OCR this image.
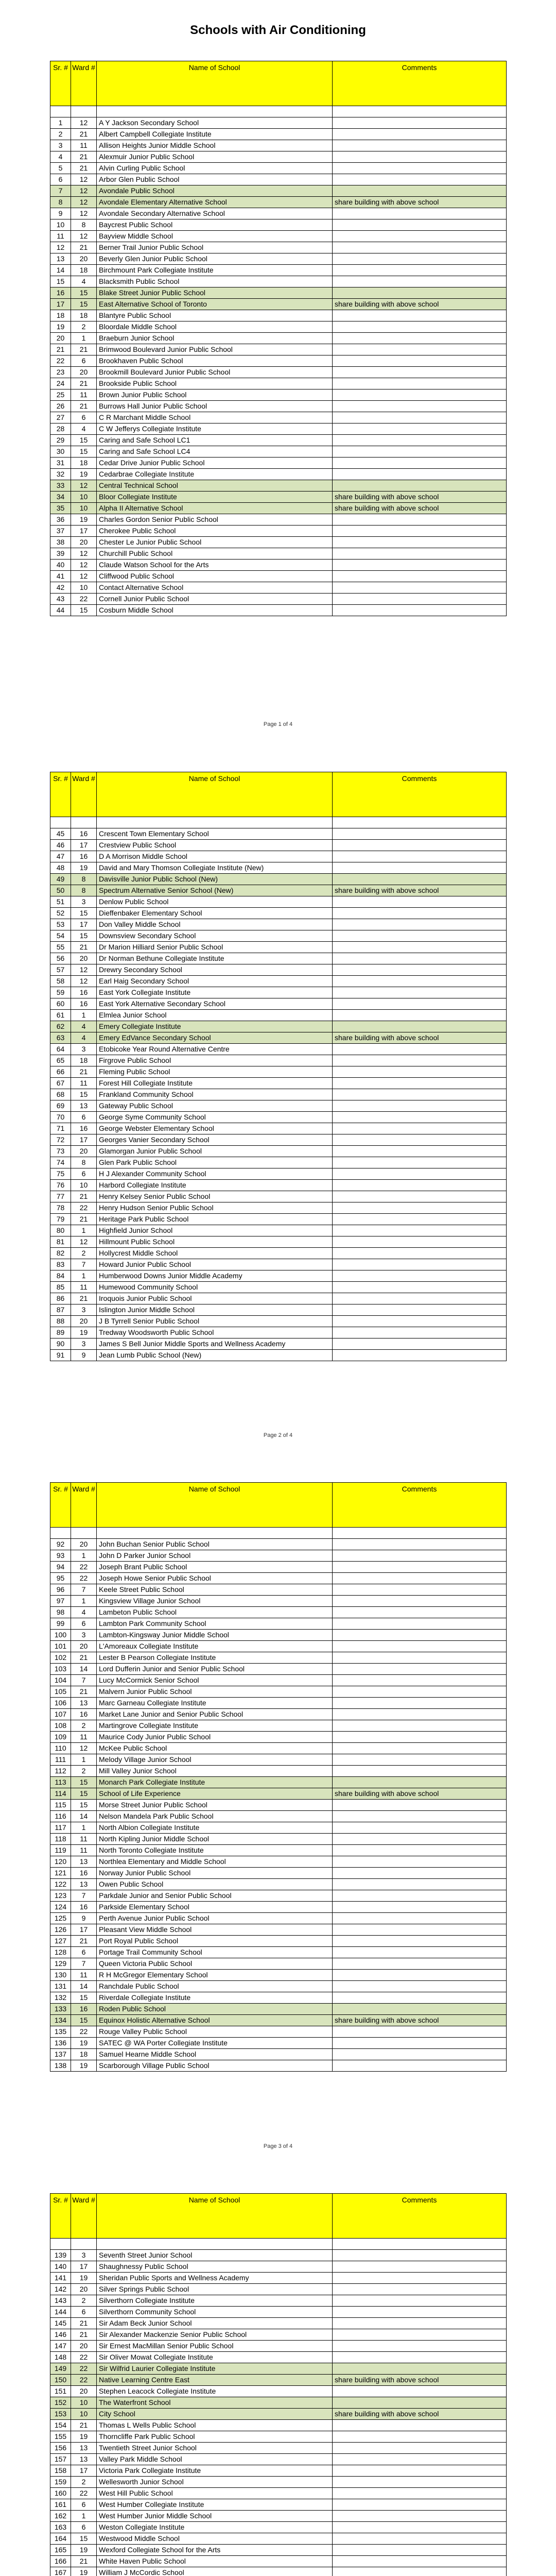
Schools with Air Conditioning
Sr. #	Ward #	Name of School	Comments

1	12	A Y Jackson Secondary School	
2	21	Albert Campbell Collegiate Institute	
3	11	Allison Heights Junior Middle School	
4	21	Alexmuir Junior Public School	
5	21	Alvin Curling Public School	
6	12	Arbor Glen Public School	
7	12	Avondale Public School	
8	12	Avondale Elementary Alternative School	share building with above school
9	12	Avondale Secondary Alternative School	
10	8	Baycrest Public School	
11	12	Bayview Middle School	
12	21	Berner Trail Junior Public School	
13	20	Beverly Glen Junior Public School	
14	18	Birchmount Park Collegiate Institute	
15	4	Blacksmith Public School	
16	15	Blake Street Junior Public School	
17	15	East Alternative School of Toronto	share building with above school
18	18	Blantyre Public School	
19	2	Bloordale Middle School	
20	1	Braeburn Junior School	
21	21	Brimwood Boulevard Junior Public School	
22	6	Brookhaven Public School	
23	20	Brookmill Boulevard Junior Public School	
24	21	Brookside Public School	
25	11	Brown Junior Public School	
26	21	Burrows Hall Junior Public School	
27	6	C R Marchant Middle School	
28	4	C W Jefferys Collegiate Institute	
29	15	Caring and Safe School LC1	
30	15	Caring and Safe School LC4	
31	18	Cedar Drive Junior Public School	
32	19	Cedarbrae Collegiate Institute	
33	12	Central Technical School	
34	10	Bloor Collegiate Institute	share building with above school
35	10	Alpha II Alternative School	share building with above school
36	19	Charles Gordon Senior Public School	
37	17	Cherokee Public School	
38	20	Chester Le Junior Public School	
39	12	Churchill Public School	
40	12	Claude Watson School for the Arts	
41	12	Cliffwood Public School	
42	10	Contact Alternative School	
43	22	Cornell Junior Public School	
44	15	Cosburn Middle School	
Page 1 of 4
Sr. #	Ward #	Name of School	Comments

45	16	Crescent Town Elementary School	
46	17	Crestview Public School	
47	16	D A Morrison Middle School	
48	19	David and Mary Thomson Collegiate Institute (New)	
49	8	Davisville Junior Public School (New)	
50	8	Spectrum Alternative Senior School (New)	share building with above school
51	3	Denlow Public School	
52	15	Dieffenbaker Elementary School	
53	17	Don Valley Middle School	
54	15	Downsview Secondary School	
55	21	Dr Marion Hilliard Senior Public School	
56	20	Dr Norman Bethune Collegiate Institute	
57	12	Drewry Secondary School	
58	12	Earl Haig Secondary School	
59	16	East York Collegiate Institute	
60	16	East York Alternative Secondary School	
61	1	Elmlea Junior School	
62	4	Emery Collegiate Institute	
63	4	Emery EdVance Secondary School	share building with above school
64	3	Etobicoke Year Round Alternative Centre	
65	18	Firgrove Public School	
66	21	Fleming Public School	
67	11	Forest Hill Collegiate Institute	
68	15	Frankland Community School	
69	13	Gateway Public School	
70	6	George Syme Community School	
71	16	George Webster Elementary School	
72	17	Georges Vanier Secondary School	
73	20	Glamorgan Junior Public School	
74	8	Glen Park Public School	
75	6	H J Alexander Community School	
76	10	Harbord Collegiate Institute	
77	21	Henry Kelsey Senior Public School	
78	22	Henry Hudson Senior Public School	
79	21	Heritage Park Public School	
80	1	Highfield Junior School	
81	12	Hillmount Public School	
82	2	Hollycrest Middle School	
83	7	Howard Junior Public School	
84	1	Humberwood Downs Junior Middle Academy	
85	11	Humewood Community School	
86	21	Iroquois Junior Public School	
87	3	Islington Junior Middle School	
88	20	J B Tyrrell Senior Public School	
89	19	Tredway Woodsworth Public School	
90	3	James S Bell Junior Middle Sports and Wellness Academy	
91	9	Jean Lumb Public School (New)	
Page 2 of 4
Sr. #	Ward #	Name of School	Comments

92	20	John Buchan Senior Public School	
93	1	John D Parker Junior School	
94	22	Joseph Brant Public School	
95	22	Joseph Howe Senior Public School	
96	7	Keele Street Public School	
97	1	Kingsview Village Junior School	
98	4	Lambeton Public School	
99	6	Lambton Park Community School	
100	3	Lambton-Kingsway Junior Middle School	
101	20	L'Amoreaux Collegiate Institute	
102	21	Lester B Pearson Collegiate Institute	
103	14	Lord Dufferin Junior and Senior Public School	
104	7	Lucy McCormick Senior School	
105	21	Malvern Junior Public School	
106	13	Marc Garneau Collegiate Institute	
107	16	Market Lane Junior and Senior Public School	
108	2	Martingrove Collegiate Institute	
109	11	Maurice Cody Junior Public School	
110	12	McKee Public School	
111	1	Melody Village Junior School	
112	2	Mill Valley Junior School	
113	15	Monarch Park Collegiate Institute	
114	15	School of Life Experience	share building with above school
115	15	Morse Street Junior Public School	
116	14	Nelson Mandela Park Public School	
117	1	North Albion Collegiate Institute	
118	11	North Kipling Junior Middle School	
119	11	North Toronto Collegiate Institute	
120	13	Northlea Elementary and Middle School	
121	16	Norway Junior Public School	
122	13	Owen Public School	
123	7	Parkdale Junior and Senior Public School	
124	16	Parkside Elementary School	
125	9	Perth Avenue Junior Public School	
126	17	Pleasant View Middle School	
127	21	Port Royal Public School	
128	6	Portage Trail Community School	
129	7	Queen Victoria Public School	
130	11	R H McGregor Elementary School	
131	14	Ranchdale Public School	
132	15	Riverdale Collegiate Institute	
133	16	Roden Public School	
134	15	Equinox Holistic Alternative School	share building with above school
135	22	Rouge Valley Public School	
136	19	SATEC @ WA Porter Collegiate Institute	
137	18	Samuel Hearne Middle School	
138	19	Scarborough Village Public School	
Page 3 of 4
Sr. #	Ward #	Name of School	Comments

139	3	Seventh Street Junior School	
140	17	Shaughnessy Public School	
141	19	Sheridan Public Sports and Wellness Academy	
142	20	Silver Springs Public School	
143	2	Silverthorn Collegiate Institute	
144	6	Silverthorn Community School	
145	21	Sir Adam Beck Junior School	
146	21	Sir Alexander Mackenzie Senior Public School	
147	20	Sir Ernest MacMillan Senior Public School	
148	22	Sir Oliver Mowat Collegiate Institute	
149	22	Sir Wilfrid Laurier Collegiate Institute	
150	22	Native Learning Centre East	share building with above school
151	20	Stephen Leacock Collegiate Institute	
152	10	The Waterfront School	
153	10	City School	share building with above school
154	21	Thomas L Wells Public School	
155	19	Thorncliffe Park Public School	
156	13	Twentieth Street Junior School	
157	13	Valley Park Middle School	
158	17	Victoria Park Collegiate Institute	
159	2	Wellesworth Junior School	
160	22	West Hill Public School	
161	6	West Humber Collegiate Institute	
162	1	West Humber Junior Middle School	
163	6	Weston Collegiate Institute	
164	15	Westwood Middle School	
165	19	Wexford Collegiate School for the Arts	
166	21	White Haven Public School	
167	19	William J McCordic School	
